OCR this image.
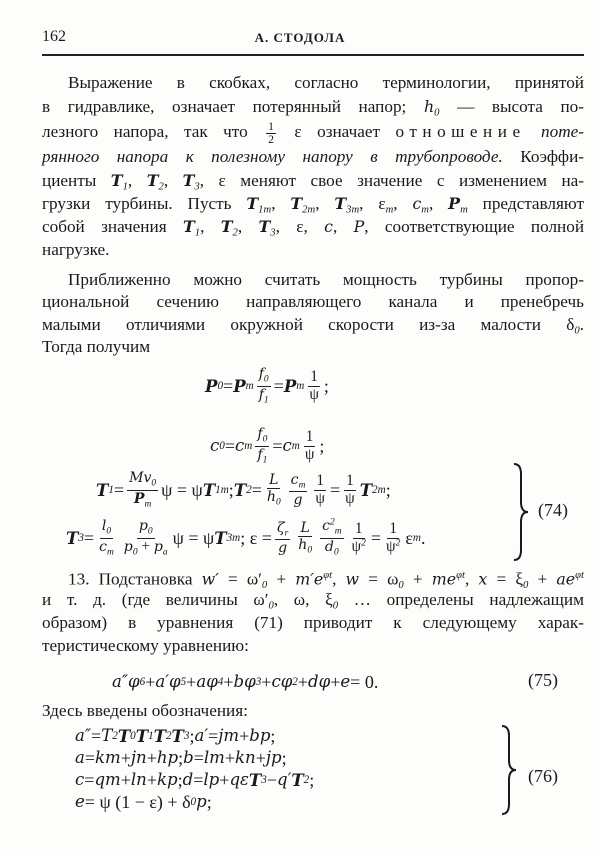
162	А. СТОДОЛА
Выражение в скобках, согласно терминологии, принятой
в гидравлике, означает потерянный напор; $h_0$ — высота по-
лезного напора, так что $\frac{1}{2}$ ε означает отношение поте-
рянного напора к полезному напору в трубопроводе. Коэффи-
циенты $T_1$, $T_2$, $T_3$, ε меняют свое значение с изменением на-
грузки турбины. Пусть $T_{1m}$, $T_{2m}$, $T_{3m}$, $\varepsilon_m$, $c_m$, $P_m$ представляют
собой значения $T_1$, $T_2$, $T_3$, ε, c, P, соответствующие полной
нагрузке.
Приближенно можно считать мощность турбины пропор-
циональной сечению направляющего канала и пренебречь
малыми отличиями окружной скорости из-за малости $\delta_0$.
Тогда получим
13. Подстановка $w' = \omega'_0 + m'e^{\varphi t}$, $w = \omega_0 + me^{\varphi t}$, $x = \xi_0 + ae^{\varphi t}$
и т. д. (где величины $\omega'_0$, ω, $\xi_0$ … определены надлежащим
образом) в уравнения (71) приводит к следующему харак-
теристическому уравнению:
Здесь введены обозначения:
P 0 = P m $\frac{f_0}{f_1} = P$ m $\frac{1}{\psi}$ ;
c 0 = c m $\frac{f_0}{f_1} = c$ m $\frac{1}{\psi}$ ;
T $1 = \frac{Mv_0}{P_m}$ ψ = ψ T 1m ; T $2 = \frac{L}{h_0} \frac{c_m}{g} \frac{1}{\psi} = \frac{1}{\psi}$ T 2m ;
T $3 = \frac{l_0}{c_m} \frac{p_0}{p_0 + p_a}$ ψ = ψ T 3m ; $\varepsilon = \frac{\zeta_r}{g} \frac{L}{h_0} \frac{c^2_m}{d_0} \frac{1}{\psi^2} = \frac{1}{\psi^2}$ ε m .
a″φ 6 + a′φ 5 + aφ 4 + bφ 3 + cφ 2 + dφ + e = 0.
a″ = T 2 T 0 T 1 T 2 T 3 ; a′ = jm + bp ;
a = km + jn + hp ; b = lm + kn + jp ;
c = qm + ln + kp ; d = lp + qε T 3 − q′ T 2 ;
e = ψ (1 − ε) + δ 0 p ;
(74)
(75)
(76)
